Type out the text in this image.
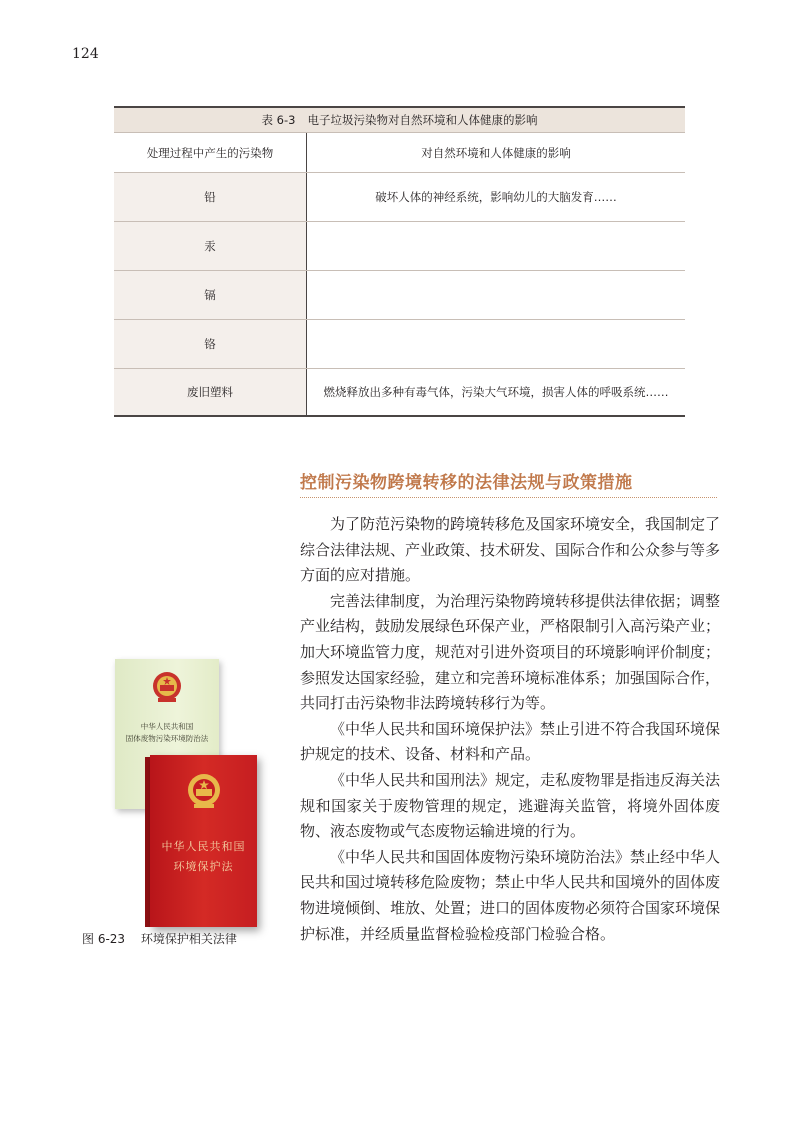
124
表 6-3 电子垃圾污染物对自然环境和人体健康的影响
处理过程中产生的污染物	对自然环境和人体健康的影响
铅	破坏人体的神经系统，影响幼儿的大脑发育……
汞
镉
铬
废旧塑料	燃烧释放出多种有毒气体，污染大气环境，损害人体的呼吸系统……
控制污染物跨境转移的法律法规与政策措施

为了防范污染物的跨境转移危及国家环境安全，我国制定了综合法律法规、产业政策、技术研发、国际合作和公众参与等多方面的应对措施。

完善法律制度，为治理污染物跨境转移提供法律依据；调整产业结构，鼓励发展绿色环保产业，严格限制引入高污染产业；加大环境监管力度，规范对引进外资项目的环境影响评价制度；参照发达国家经验，建立和完善环境标准体系；加强国际合作，共同打击污染物非法跨境转移行为等。

《中华人民共和国环境保护法》禁止引进不符合我国环境保护规定的技术、设备、材料和产品。

《中华人民共和国刑法》规定，走私废物罪是指违反海关法规和国家关于废物管理的规定，逃避海关监管，将境外固体废物、液态废物或气态废物运输进境的行为。

《中华人民共和国固体废物污染环境防治法》禁止经中华人民共和国过境转移危险废物；禁止中华人民共和国境外的固体废物进境倾倒、堆放、处置；进口的固体废物必须符合国家环境保护标准，并经质量监督检验检疫部门检验合格。

中华人民共和国
固体废物污染环境防治法
中华人民共和国
环境保护法
图 6-23 环境保护相关法律
